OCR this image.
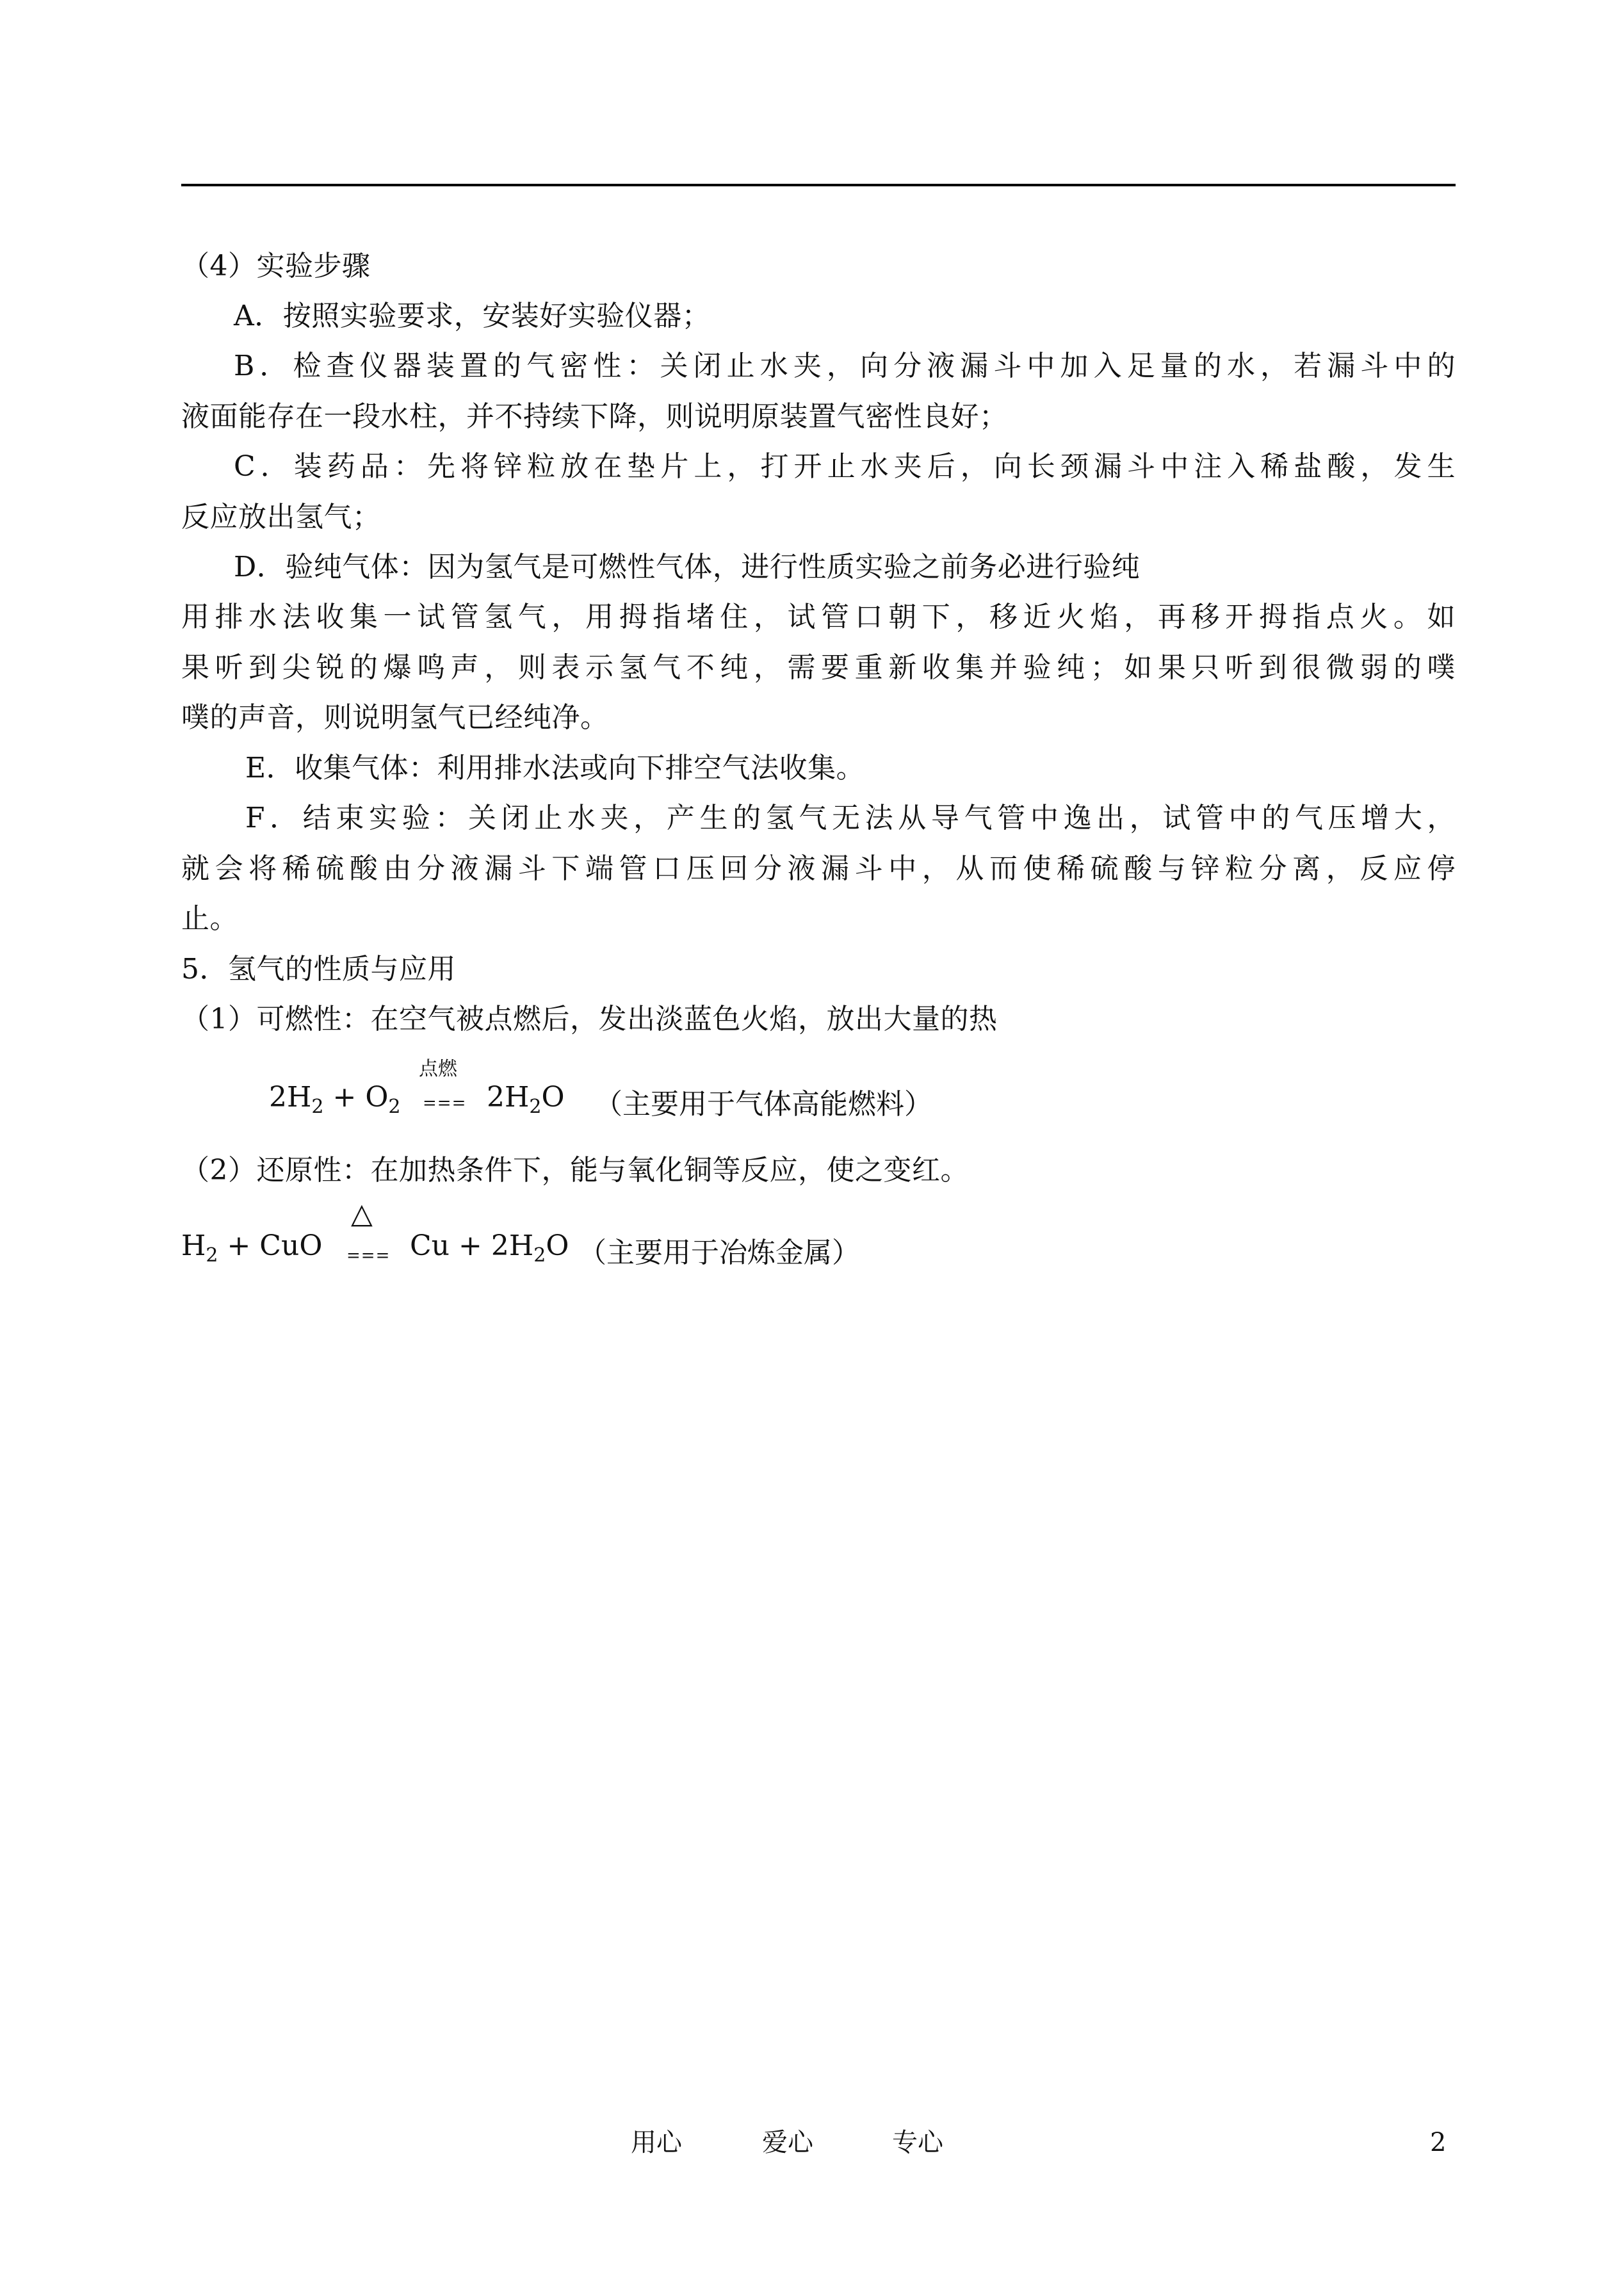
（4）实验步骤
A．按照实验要求，安装好实验仪器；
B．检查仪器装置的气密性：关闭止水夹，向分液漏斗中加入足量的水，若漏斗中的
液面能存在一段水柱，并不持续下降，则说明原装置气密性良好；
C．装药品：先将锌粒放在垫片上，打开止水夹后，向长颈漏斗中注入稀盐酸，发生
反应放出氢气；
D．验纯气体：因为氢气是可燃性气体，进行性质实验之前务必进行验纯
用排水法收集一试管氢气，用拇指堵住，试管口朝下，移近火焰，再移开拇指点火。如
果听到尖锐的爆鸣声，则表示氢气不纯，需要重新收集并验纯；如果只听到很微弱的噗
噗的声音，则说明氢气已经纯净。
E．收集气体：利用排水法或向下排空气法收集。
F．结束实验：关闭止水夹，产生的氢气无法从导气管中逸出，试管中的气压增大，
就会将稀硫酸由分液漏斗下端管口压回分液漏斗中，从而使稀硫酸与锌粒分离，反应停
止。
5．氢气的性质与应用
（1）可燃性：在空气被点燃后，发出淡蓝色火焰，放出大量的热
$2H_2 + O_2$
点燃
=== $2H_2O$ （主要用于气体高能燃料）
（2）还原性：在加热条件下，能与氧化铜等反应，使之变红。
$H_2$ + CuO
△
=== $Cu + 2H_2O$ （主要用于冶炼金属）
用心	爱心	专心	2
